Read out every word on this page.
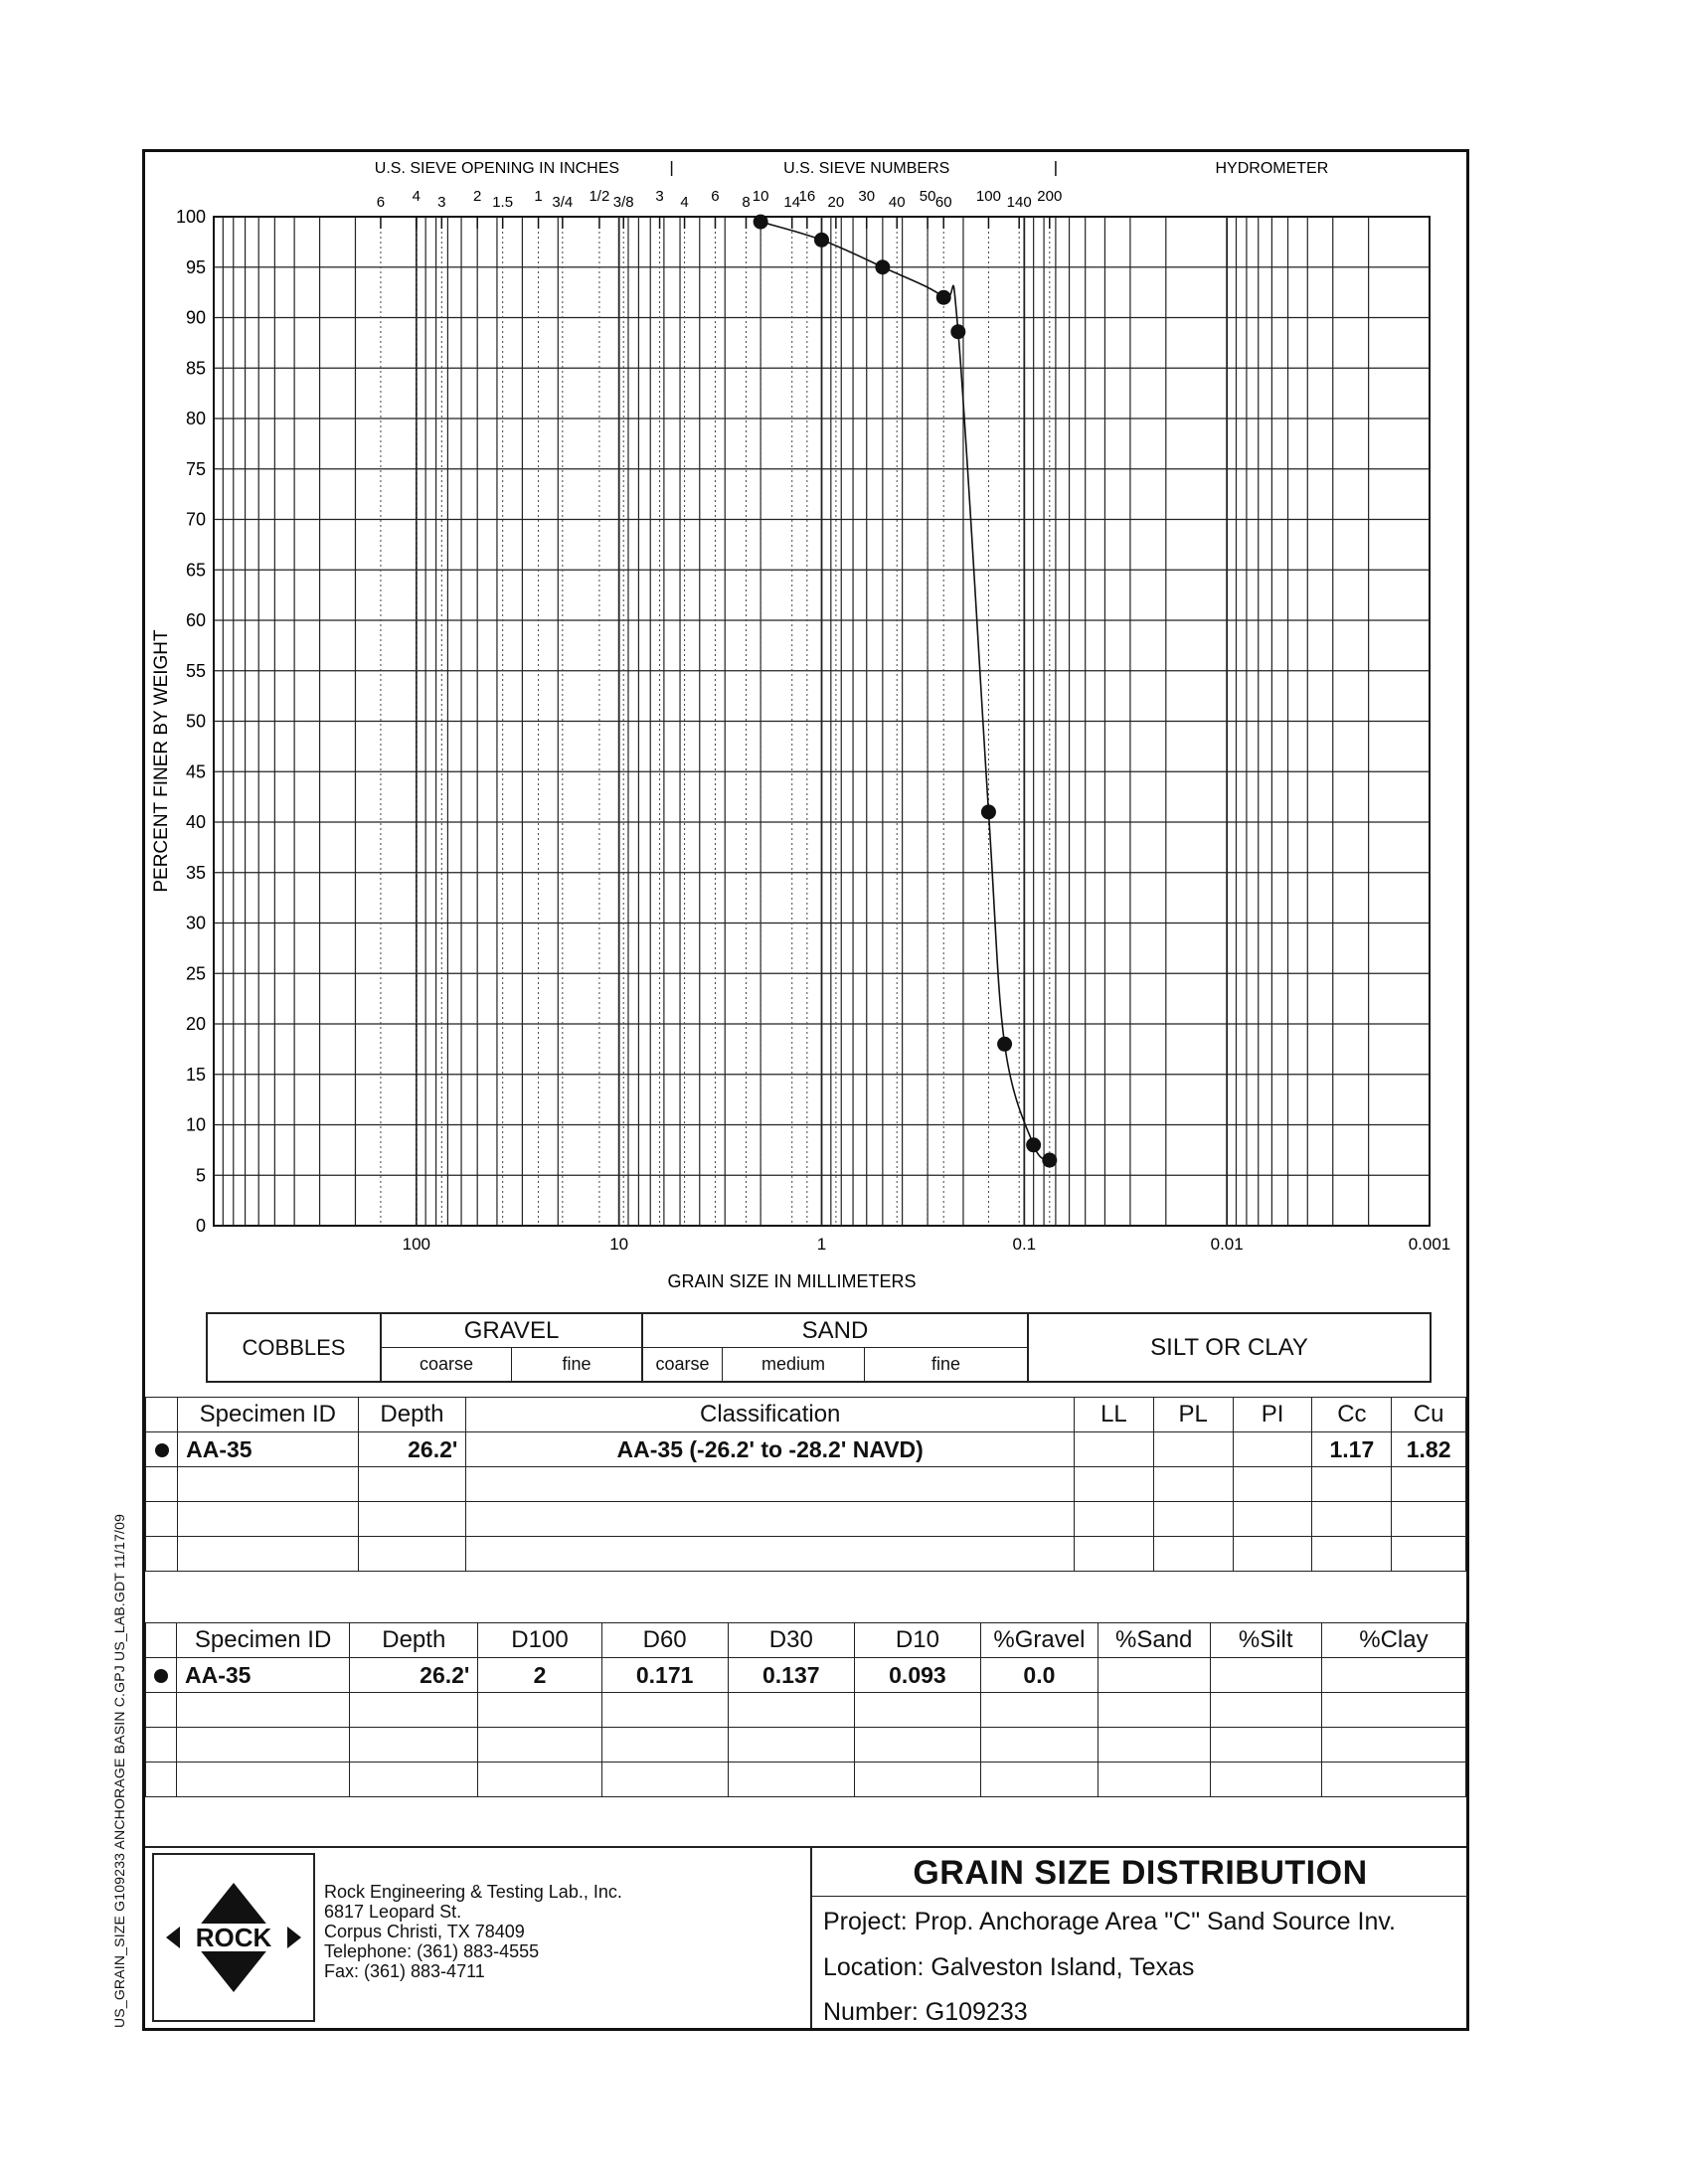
U.S. SIEVE OPENING IN INCHES	U.S. SIEVE NUMBERS	HYDROMETER
6 4 3 2 1.5 1 3/4 1/2 3/8 3 4 6 8 10 14
16 20 30 40 50 60 100 140 200
0
5
10
15
20
25
30
35
40
45
50
55
60
65
70
75
80
85
90
95
100
100	10	1	0.1	0.01	0.001
GRAIN SIZE IN MILLIMETERS
PERCENT FINER BY WEIGHT
US_GRAIN_SIZE G109233 ANCHORAGE BASIN C.GPJ US_LAB.GDT 11/17/09
COBBLES
GRAVEL
coarse	fine
SAND
coarse	medium	fine
SILT OR CLAY
	Specimen ID	Depth	Classification	LL	PL	PI	Cc	Cu
	AA-35	26.2'	AA-35 (-26.2' to -28.2' NAVD)				1.17	1.82

	Specimen ID	Depth	D100	D60	D30	D10	%Gravel	%Sand	%Silt	%Clay
	AA-35	26.2'	2	0.171	0.137	0.093	0.0			

ROCK
Rock Engineering & Testing Lab., Inc.
6817 Leopard St.
Corpus Christi, TX 78409
Telephone: (361) 883-4555
Fax: (361) 883-4711
GRAIN SIZE DISTRIBUTION
Project: Prop. Anchorage Area "C" Sand Source Inv.
Location: Galveston Island, Texas
Number: G109233
